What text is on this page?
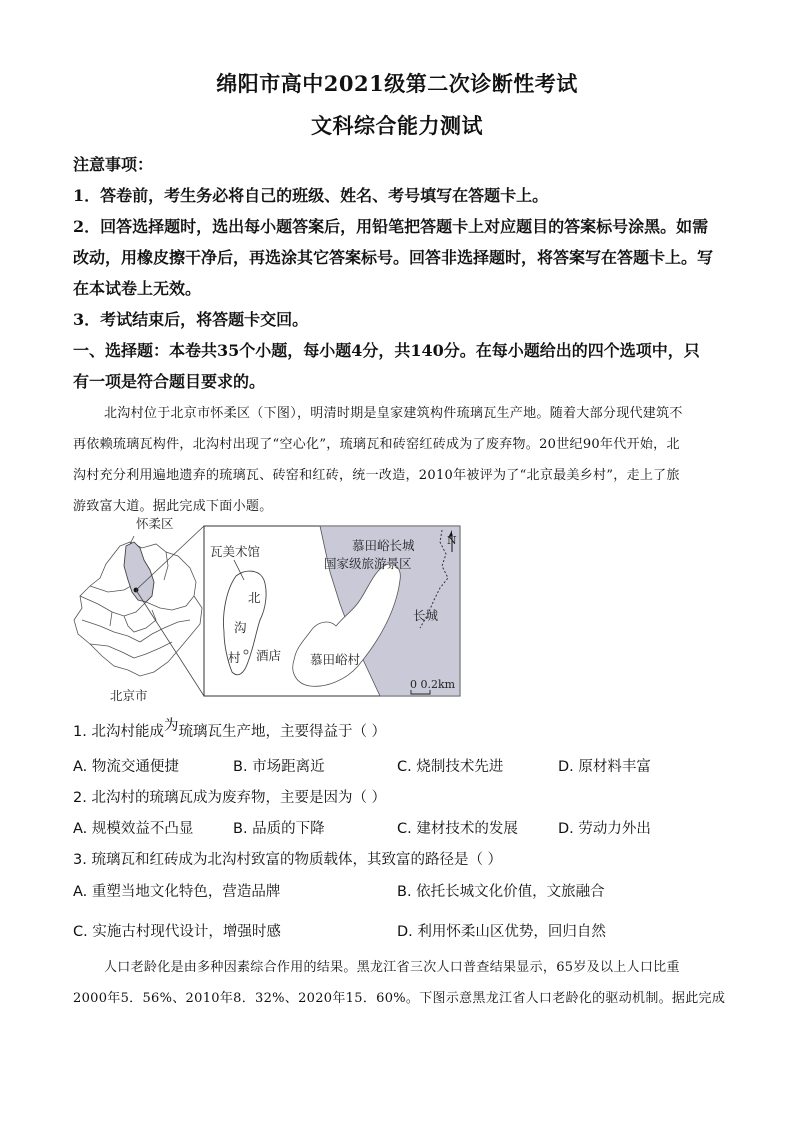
绵阳市高中2021级第二次诊断性考试
文科综合能力测试
注意事项：
1．答卷前，考生务必将自己的班级、姓名、考号填写在答题卡上。
2．回答选择题时，选出每小题答案后，用铅笔把答题卡上对应题目的答案标号涂黑。如需
改动，用橡皮擦干净后，再选涂其它答案标号。回答非选择题时，将答案写在答题卡上。写
在本试卷上无效。
3．考试结束后，将答题卡交回。
一、选择题：本卷共35个小题，每小题4分，共140分。在每小题给出的四个选项中，只
有一项是符合题目要求的。
北沟村位于北京市怀柔区（下图），明清时期是皇家建筑构件琉璃瓦生产地。随着大部分现代建筑不
再依赖琉璃瓦构件，北沟村出现了“空心化”，琉璃瓦和砖窑红砖成为了废弃物。20世纪90年代开始，北
沟村充分利用遍地遗弃的琉璃瓦、砖窑和红砖，统一改造，2010年被评为了“北京最美乡村”，走上了旅
游致富大道。据此完成下面小题。
怀柔区
北京市
瓦美术馆
北
沟
村 酒店
慕田峪长城
国家级旅游景区
N
长城
慕田峪村
0 0.2km
1. 北沟村能成为琉璃瓦生产地，主要得益于（ ）
A. 物流交通便捷	B. 市场距离近	C. 烧制技术先进	D. 原材料丰富
2. 北沟村的琉璃瓦成为废弃物，主要是因为（ ）
A. 规模效益不凸显	B. 品质的下降	C. 建材技术的发展	D. 劳动力外出
3. 琉璃瓦和红砖成为北沟村致富的物质载体，其致富的路径是（ ）
A. 重塑当地文化特色，营造品牌	B. 依托长城文化价值，文旅融合
C. 实施古村现代设计，增强时感	D. 利用怀柔山区优势，回归自然
人口老龄化是由多种因素综合作用的结果。黑龙江省三次人口普查结果显示，65岁及以上人口比重
2000年5．56%、2010年8．32%、2020年15．60%。下图示意黑龙江省人口老龄化的驱动机制。据此完成
